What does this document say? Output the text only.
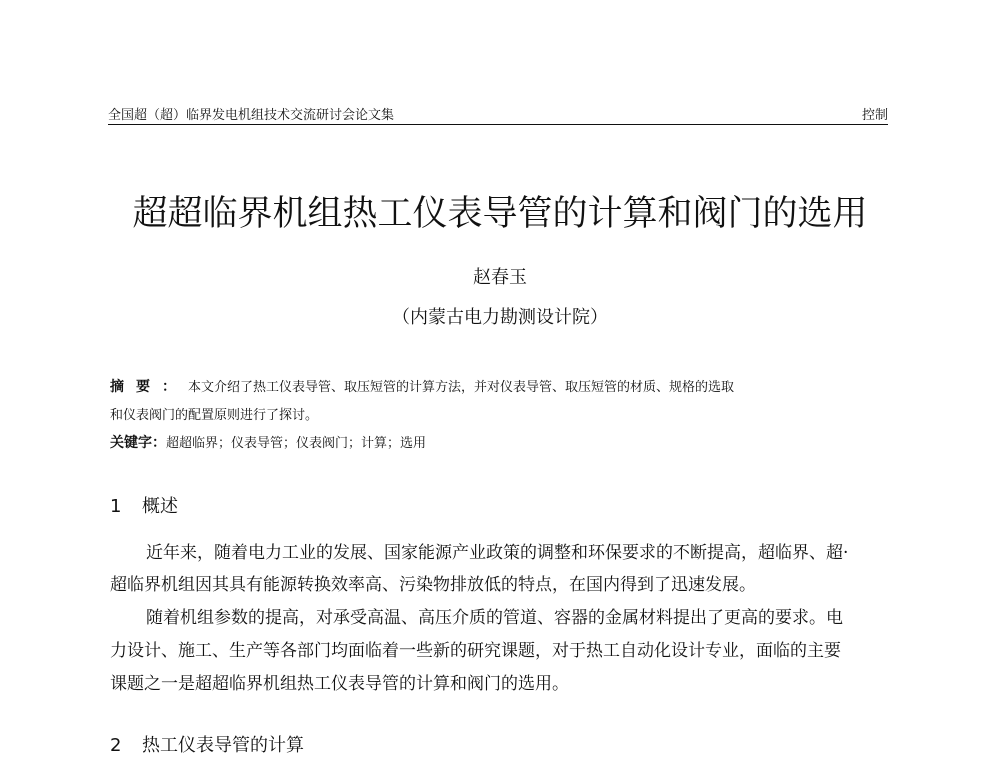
全国超（超）临界发电机组技术交流研讨会论文集	控制
超超临界机组热工仪表导管的计算和阀门的选用
赵春玉
（内蒙古电力勘测设计院）
摘要：本文介绍了热工仪表导管、取压短管的计算方法，并对仪表导管、取压短管的材质、规格的选取
和仪表阀门的配置原则进行了探讨。
关键字：超超临界；仪表导管；仪表阀门；计算；选用
1 概述
近年来，随着电力工业的发展、国家能源产业政策的调整和环保要求的不断提高，超临界、超·
超临界机组因其具有能源转换效率高、污染物排放低的特点，在国内得到了迅速发展。
随着机组参数的提高，对承受高温、高压介质的管道、容器的金属材料提出了更高的要求。电
力设计、施工、生产等各部门均面临着一些新的研究课题，对于热工自动化设计专业，面临的主要
课题之一是超超临界机组热工仪表导管的计算和阀门的选用。
2 热工仪表导管的计算
